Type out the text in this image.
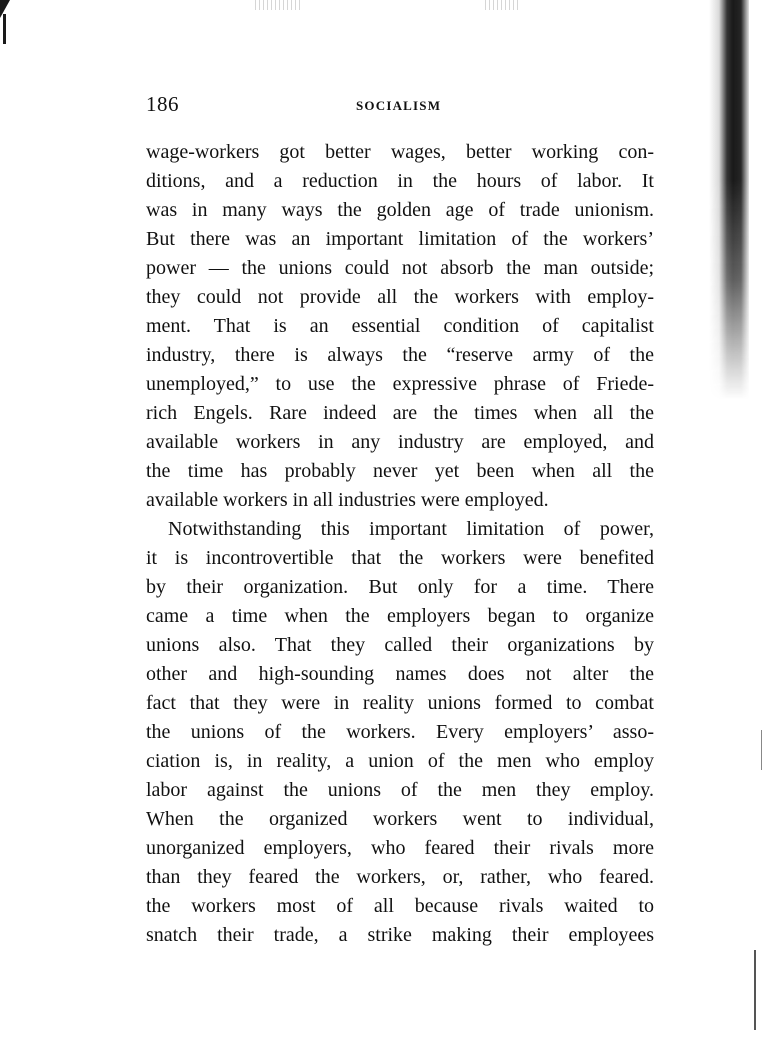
186	SOCIALISM
wage-workers got better wages, better working con-
ditions, and a reduction in the hours of labor. It
was in many ways the golden age of trade unionism.
But there was an important limitation of the workers’
power — the unions could not absorb the man outside;
they could not provide all the workers with employ-
ment. That is an essential condition of capitalist
industry, there is always the “reserve army of the
unemployed,” to use the expressive phrase of Friede-
rich Engels. Rare indeed are the times when all the
available workers in any industry are employed, and
the time has probably never yet been when all the
available workers in all industries were employed.
Notwithstanding this important limitation of power,
it is incontrovertible that the workers were benefited
by their organization. But only for a time. There
came a time when the employers began to organize
unions also. That they called their organizations by
other and high-sounding names does not alter the
fact that they were in reality unions formed to combat
the unions of the workers. Every employers’ asso-
ciation is, in reality, a union of the men who employ
labor against the unions of the men they employ.
When the organized workers went to individual,
unorganized employers, who feared their rivals more
than they feared the workers, or, rather, who feared.
the workers most of all because rivals waited to
snatch their trade, a strike making their employees
